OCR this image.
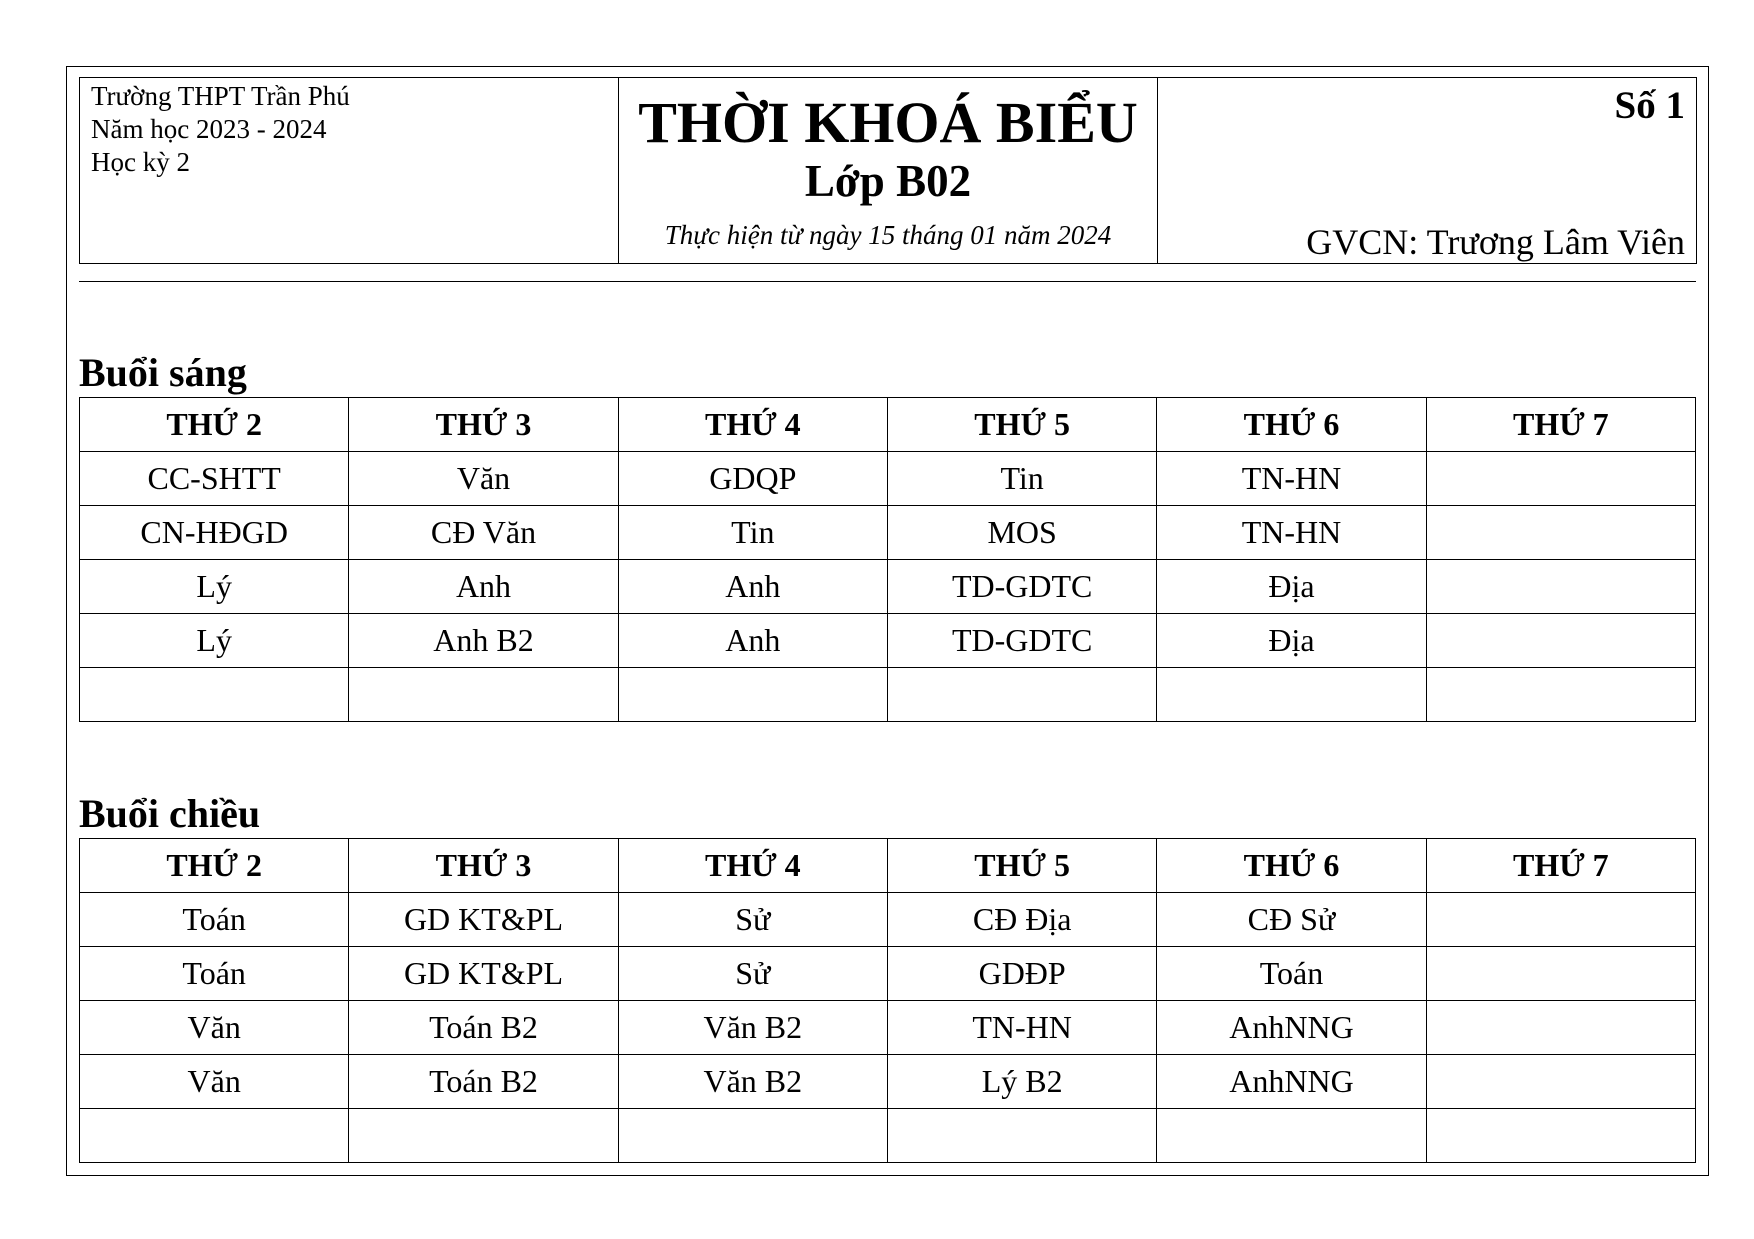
Trường THPT Trần Phú
Năm học 2023 - 2024
Học kỳ 2

THỜI KHOÁ BIỂU
Lớp B02
Thực hiện từ ngày 15 tháng 01 năm 2024

Số 1
GVCN: Trương Lâm Viên
Buổi sáng
THỨ 2	THỨ 3	THỨ 4	THỨ 5	THỨ 6	THỨ 7
CC-SHTT	Văn	GDQP	Tin	TN-HN	
CN-HĐGD	CĐ Văn	Tin	MOS	TN-HN	
Lý	Anh	Anh	TD-GDTC	Địa	
Lý	Anh B2	Anh	TD-GDTC	Địa	

Buổi chiều
THỨ 2	THỨ 3	THỨ 4	THỨ 5	THỨ 6	THỨ 7
Toán	GD KT&PL	Sử	CĐ Địa	CĐ Sử	
Toán	GD KT&PL	Sử	GDĐP	Toán	
Văn	Toán B2	Văn B2	TN-HN	AnhNNG	
Văn	Toán B2	Văn B2	Lý B2	AnhNNG	
